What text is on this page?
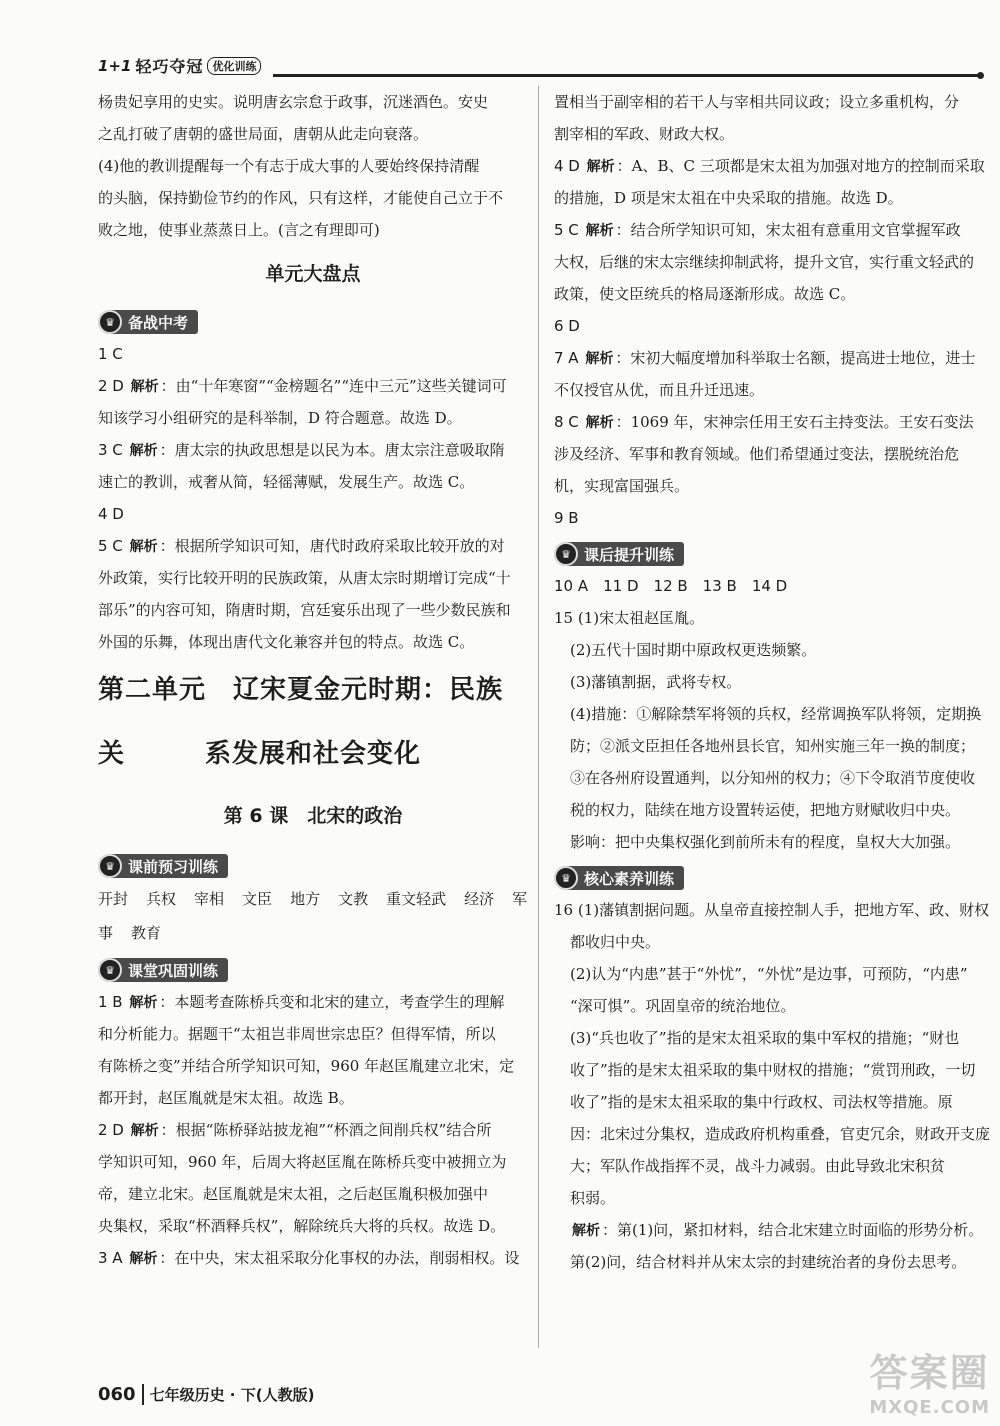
1+1 轻巧夺冠 优化训练
杨贵妃享用的史实。说明唐玄宗怠于政事，沉迷酒色。安史
之乱打破了唐朝的盛世局面，唐朝从此走向衰落。
(4)他的教训提醒每一个有志于成大事的人要始终保持清醒
的头脑，保持勤俭节约的作风，只有这样，才能使自己立于不
败之地，使事业蒸蒸日上。(言之有理即可)
单元大盘点
♛ 备战中考
1 C
2 D 解析 ：由“十年寒窗”“金榜题名”“连中三元”这些关键词可
知该学习小组研究的是科举制，D 符合题意。故选 D。
3 C 解析 ：唐太宗的执政思想是以民为本。唐太宗注意吸取隋
速亡的教训，戒奢从简，轻徭薄赋，发展生产。故选 C。
4 D
5 C 解析 ：根据所学知识可知，唐代时政府采取比较开放的对
外政策，实行比较开明的民族政策，从唐太宗时期增订完成“十
部乐”的内容可知，隋唐时期，宫廷宴乐出现了一些少数民族和
外国的乐舞，体现出唐代文化兼容并包的特点。故选 C。
第二单元　辽宋夏金元时期：民族关	系发展和社会变化
第 6 课　北宋的政治
♛ 课前预习训练
开封 兵权 宰相 文臣 地方 文教 重文轻武 经济 军
事 教育
♛ 课堂巩固训练
1 B 解析 ：本题考查陈桥兵变和北宋的建立，考查学生的理解
和分析能力。据题干“太祖岂非周世宗忠臣？但得军情，所以
有陈桥之变”并结合所学知识可知，960 年赵匡胤建立北宋，定
都开封，赵匡胤就是宋太祖。故选 B。
2 D 解析 ：根据“陈桥驿站披龙袍”“杯酒之间削兵权”结合所
学知识可知，960 年，后周大将赵匡胤在陈桥兵变中被拥立为
帝，建立北宋。赵匡胤就是宋太祖，之后赵匡胤积极加强中
央集权，采取“杯酒释兵权”，解除统兵大将的兵权。故选 D。
3 A 解析 ：在中央，宋太祖采取分化事权的办法，削弱相权。设
置相当于副宰相的若干人与宰相共同议政；设立多重机构，分
割宰相的军政、财政大权。
4 D 解析 ：A、B、C 三项都是宋太祖为加强对地方的控制而采取
的措施，D 项是宋太祖在中央采取的措施。故选 D。
5 C 解析 ：结合所学知识可知，宋太祖有意重用文官掌握军政
大权，后继的宋太宗继续抑制武将，提升文官，实行重文轻武的
政策，使文臣统兵的格局逐渐形成。故选 C。
6 D
7 A 解析 ：宋初大幅度增加科举取士名额，提高进士地位，进士
不仅授官从优，而且升迁迅速。
8 C 解析 ：1069 年，宋神宗任用王安石主持变法。王安石变法
涉及经济、军事和教育领域。他们希望通过变法，摆脱统治危
机，实现富国强兵。
9 B
♛ 课后提升训练
10 A　11 D　12 B　13 B　14 D
15 (1)宋太祖赵匡胤。
(2)五代十国时期中原政权更迭频繁。
(3)藩镇割据，武将专权。
(4)措施：①解除禁军将领的兵权，经常调换军队将领，定期换
防；②派文臣担任各地州县长官，知州实施三年一换的制度；
③在各州府设置通判，以分知州的权力；④下令取消节度使收
税的权力，陆续在地方设置转运使，把地方财赋收归中央。
影响：把中央集权强化到前所未有的程度，皇权大大加强。
♛ 核心素养训练
16 (1)藩镇割据问题。从皇帝直接控制人手，把地方军、政、财权
都收归中央。
(2)认为“内患”甚于“外忧”，“外忧”是边事，可预防，“内患”
“深可惧”。巩固皇帝的统治地位。
(3)“兵也收了”指的是宋太祖采取的集中军权的措施；“财也
收了”指的是宋太祖采取的集中财权的措施；“赏罚刑政，一切
收了”指的是宋太祖采取的集中行政权、司法权等措施。原
因：北宋过分集权，造成政府机构重叠，官吏冗余，财政开支庞
大；军队作战指挥不灵，战斗力减弱。由此导致北宋积贫
积弱。
解析 ：第(1)问，紧扣材料，结合北宋建立时面临的形势分析。
第(2)问，结合材料并从宋太宗的封建统治者的身份去思考。
060 七年级历史 · 下(人教版)	答案圈
MXQE.COM
